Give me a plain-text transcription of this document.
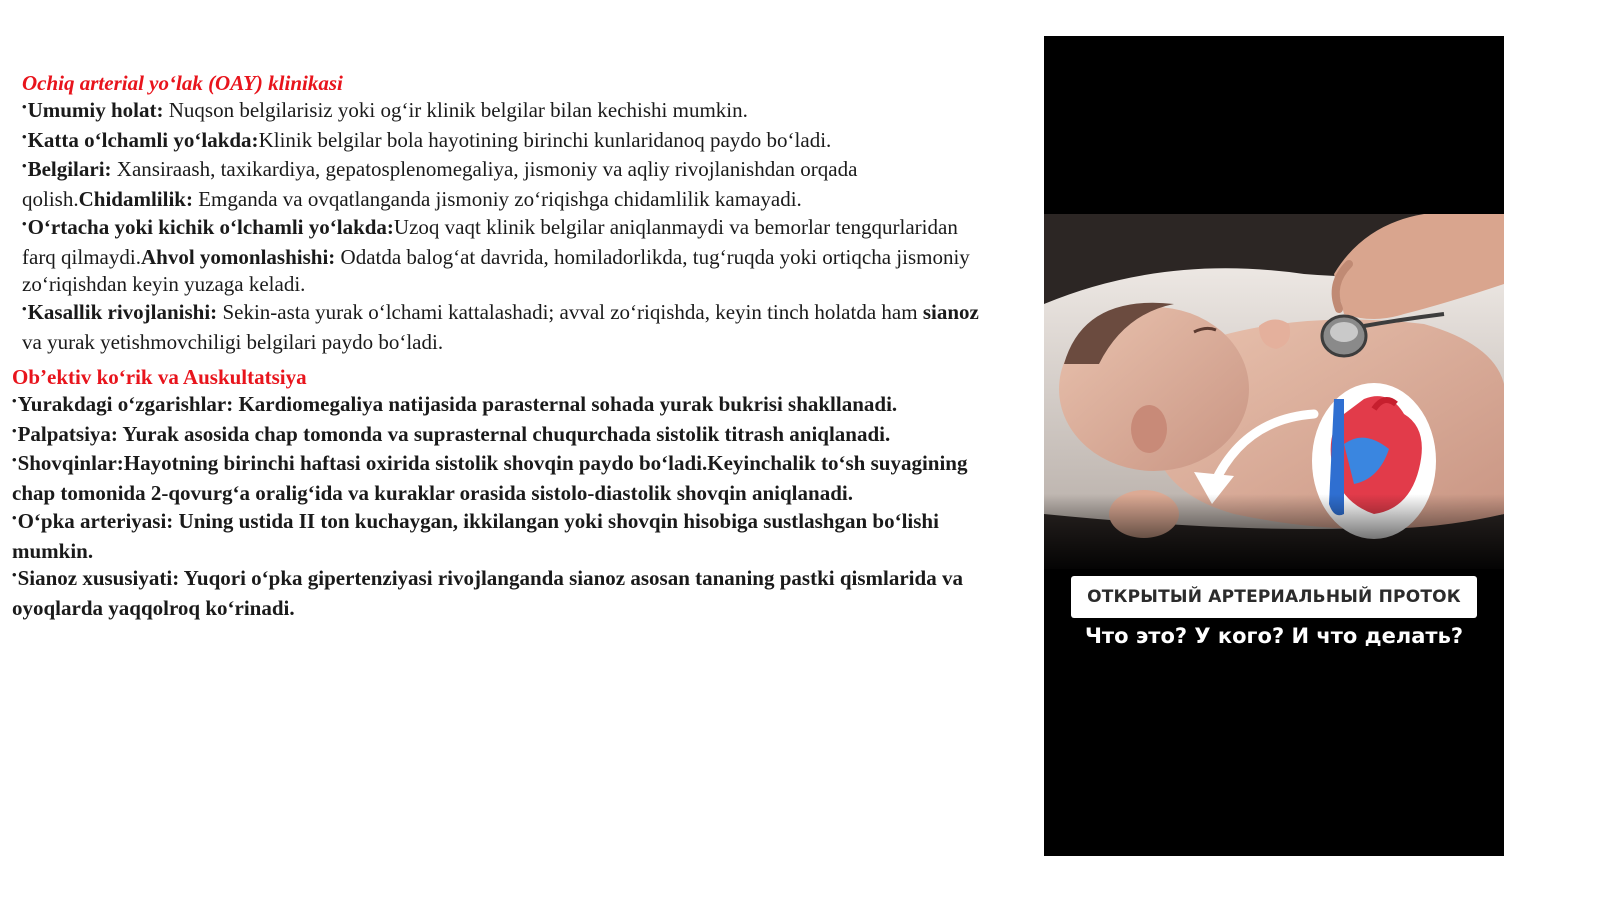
Ochiq arterial yo‘lak (OAY) klinikasi

•Umumiy holat: Nuqson belgilarisiz yoki og‘ir klinik belgilar bilan kechishi mumkin.

•Katta o‘lchamli yo‘lakda:Klinik belgilar bola hayotining birinchi kunlaridanoq paydo bo‘ladi.

•Belgilari: Xansiraash, taxikardiya, gepatosplenomegaliya, jismoniy va aqliy rivojlanishdan orqada qolish.Chidamlilik: Emganda va ovqatlanganda jismoniy zo‘riqishga chidamlilik kamayadi.

•O‘rtacha yoki kichik o‘lchamli yo‘lakda:Uzoq vaqt klinik belgilar aniqlanmaydi va bemorlar tengqurlaridan farq qilmaydi.Ahvol yomonlashishi: Odatda balog‘at davrida, homiladorlikda, tug‘ruqda yoki ortiqcha jismoniy zo‘riqishdan keyin yuzaga keladi.

•Kasallik rivojlanishi: Sekin-asta yurak o‘lchami kattalashadi; avval zo‘riqishda, keyin tinch holatda ham sianoz va yurak yetishmovchiligi belgilari paydo bo‘ladi.

Ob’ektiv ko‘rik va Auskultatsiya

•Yurakdagi o‘zgarishlar: Kardiomegaliya natijasida parasternal sohada yurak bukrisi shakllanadi.

•Palpatsiya: Yurak asosida chap tomonda va suprasternal chuqurchada sistolik titrash aniqlanadi.

•Shovqinlar:Hayotning birinchi haftasi oxirida sistolik shovqin paydo bo‘ladi.Keyinchalik to‘sh suyagining chap tomonida 2-qovurg‘a oralig‘ida va kuraklar orasida sistolo-diastolik shovqin aniqlanadi.

•O‘pka arteriyasi: Uning ustida II ton kuchaygan, ikkilangan yoki shovqin hisobiga sustlashgan bo‘lishi mumkin.

•Sianoz xususiyati: Yuqori o‘pka gipertenziyasi rivojlanganda sianoz asosan tananing pastki qismlarida va oyoqlarda yaqqolroq ko‘rinadi.	ОТКРЫТЫЙ АРТЕРИАЛЬНЫЙ ПРОТОК
Что это? У кого? И что делать?
